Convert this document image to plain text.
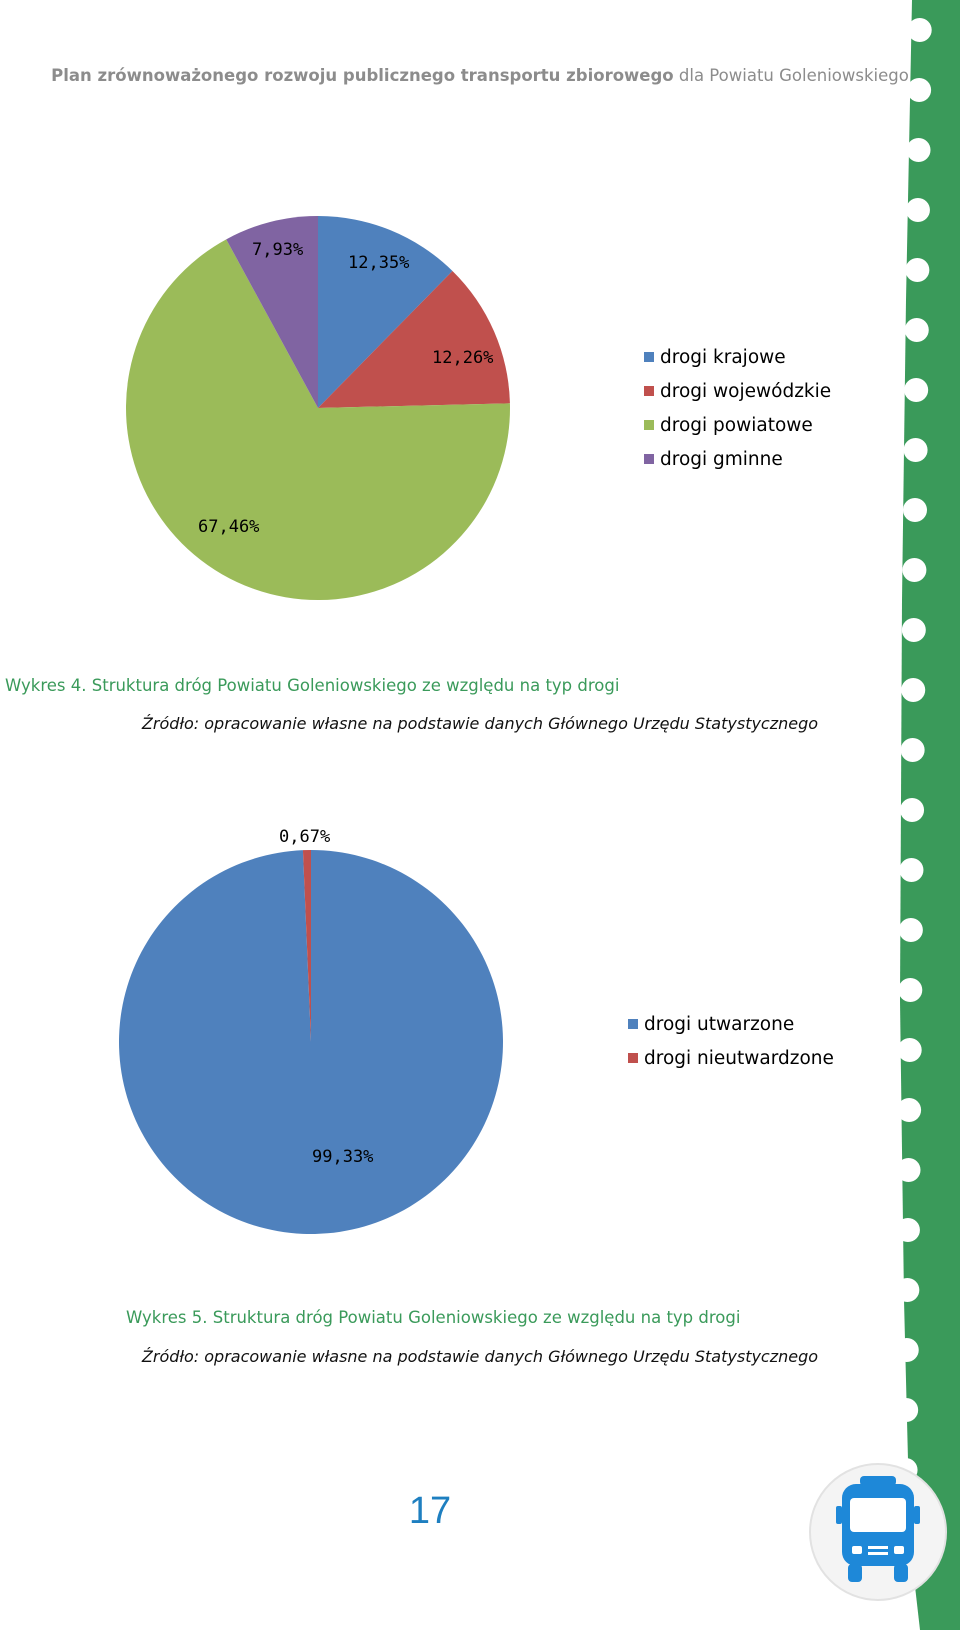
Plan zrównoważonego rozwoju publicznego transportu zbiorowego dla Powiatu Goleniowskiego
12,35%
12,26%
67,46%
7,93%
drogi krajowe
drogi wojewódzkie
drogi powiatowe
drogi gminne
Wykres 4. Struktura dróg Powiatu Goleniowskiego ze względu na typ drogi
Źródło: opracowanie własne na podstawie danych Głównego Urzędu Statystycznego
99,33%
0,67%
drogi utwarzone
drogi nieutwardzone
Wykres 5. Struktura dróg Powiatu Goleniowskiego ze względu na typ drogi
Źródło: opracowanie własne na podstawie danych Głównego Urzędu Statystycznego
17
